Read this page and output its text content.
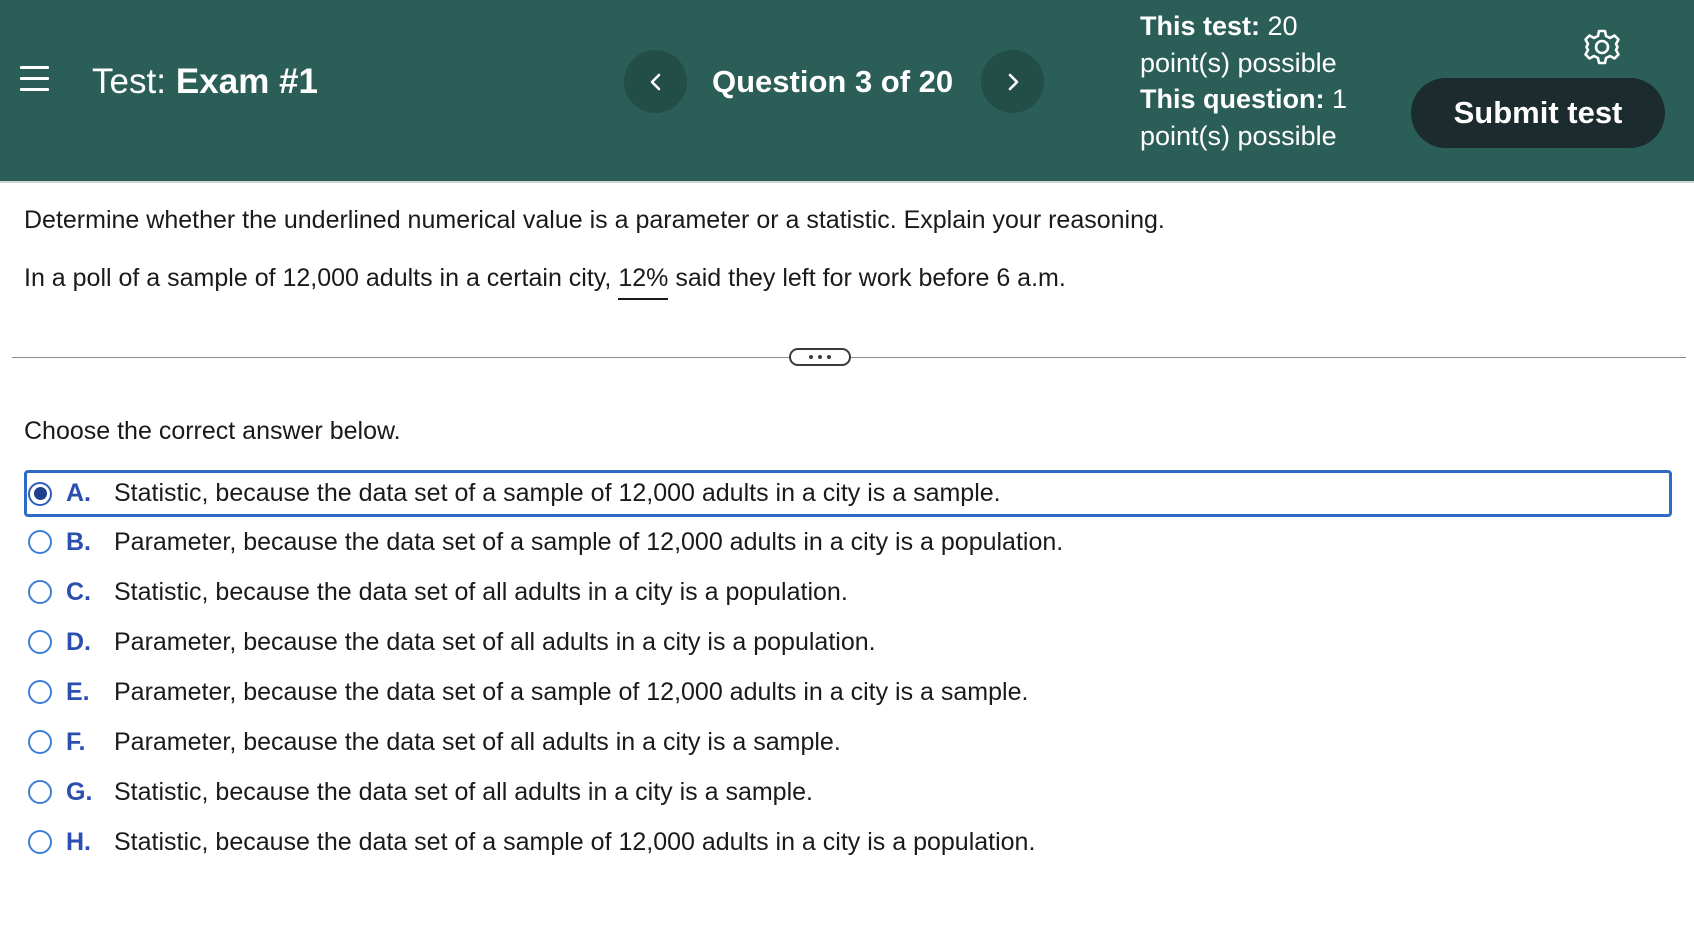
Test: Exam #1	Question 3 of 20
This test: 20
point(s) possible
This question: 1
point(s) possible
Submit test
Determine whether the underlined numerical value is a parameter or a statistic. Explain your reasoning.
In a poll of a sample of 12,000 adults in a certain city, 12% said they left for work before 6 a.m.
Choose the correct answer below.
A. Statistic, because the data set of a sample of 12,000 adults in a city is a sample.
B. Parameter, because the data set of a sample of 12,000 adults in a city is a population.
C. Statistic, because the data set of all adults in a city is a population.
D. Parameter, because the data set of all adults in a city is a population.
E. Parameter, because the data set of a sample of 12,000 adults in a city is a sample.
F.	Parameter, because the data set of all adults in a city is a sample.
G. Statistic, because the data set of all adults in a city is a sample.
H. Statistic, because the data set of a sample of 12,000 adults in a city is a population.
